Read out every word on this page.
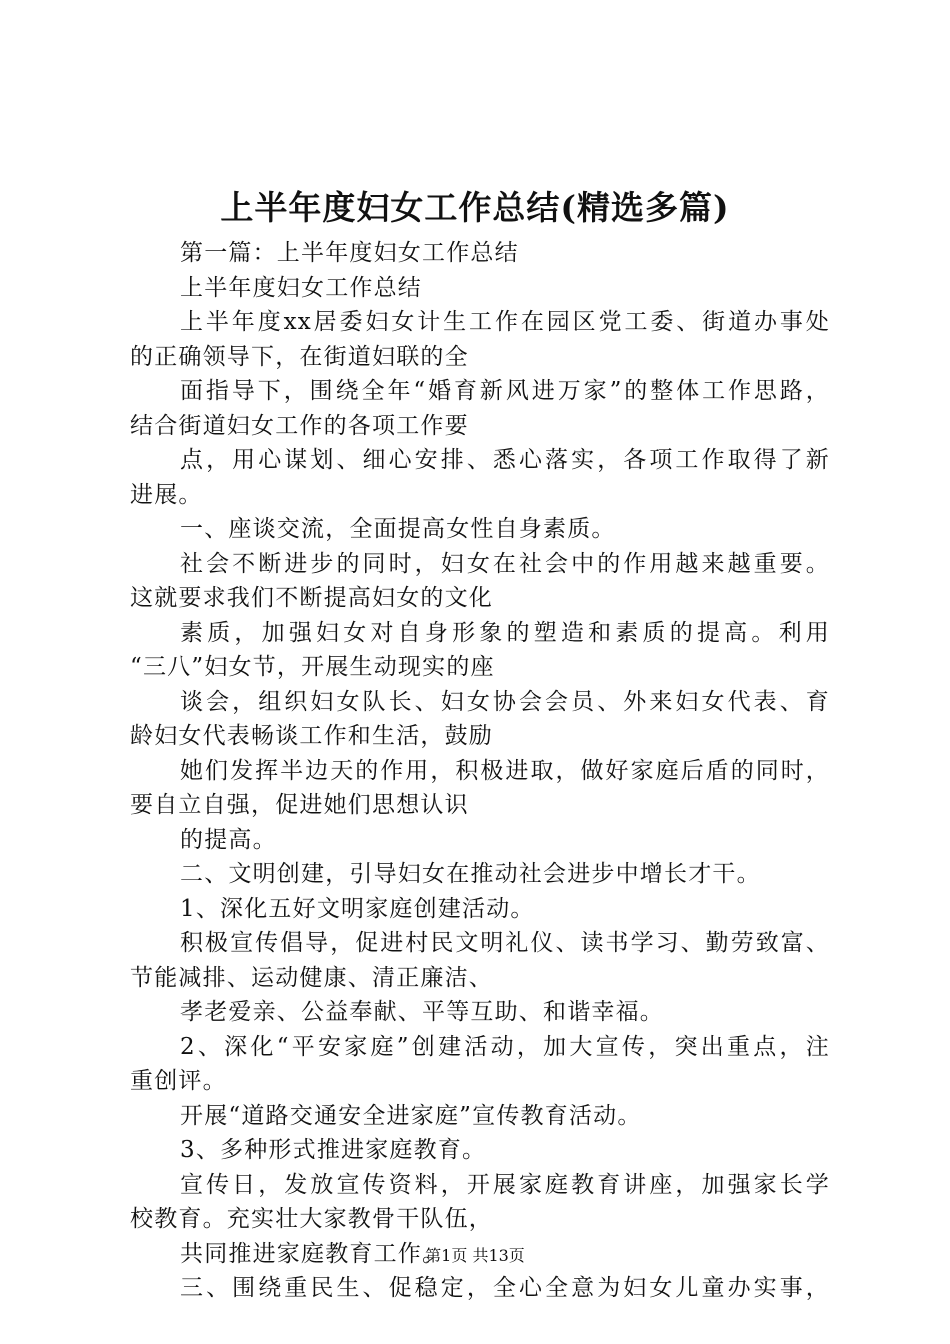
上半年度妇女工作总结(精选多篇)
第一篇：上半年度妇女工作总结
上半年度妇女工作总结
上半年度xx居委妇女计生工作在园区党工委、街道办事处
的正确领导下，在街道妇联的全
面指导下，围绕全年“婚育新风进万家”的整体工作思路，
结合街道妇女工作的各项工作要
点，用心谋划、细心安排、悉心落实，各项工作取得了新
进展。
一、座谈交流，全面提高女性自身素质。
社会不断进步的同时，妇女在社会中的作用越来越重要。
这就要求我们不断提高妇女的文化
素质，加强妇女对自身形象的塑造和素质的提高。利用
“三八”妇女节，开展生动现实的座
谈会，组织妇女队长、妇女协会会员、外来妇女代表、育
龄妇女代表畅谈工作和生活，鼓励
她们发挥半边天的作用，积极进取，做好家庭后盾的同时，
要自立自强，促进她们思想认识
的提高。
二、文明创建，引导妇女在推动社会进步中增长才干。
1、深化五好文明家庭创建活动。
积极宣传倡导，促进村民文明礼仪、读书学习、勤劳致富、
节能减排、运动健康、清正廉洁、
孝老爱亲、公益奉献、平等互助、和谐幸福。
2、深化“平安家庭”创建活动，加大宣传，突出重点，注
重创评。
开展“道路交通安全进家庭”宣传教育活动。
3、多种形式推进家庭教育。
宣传日，发放宣传资料，开展家庭教育讲座，加强家长学
校教育。充实壮大家教骨干队伍，
共同推进家庭教育工作。
三、围绕重民生、促稳定，全心全意为妇女儿童办实事，
第1页 共13页
